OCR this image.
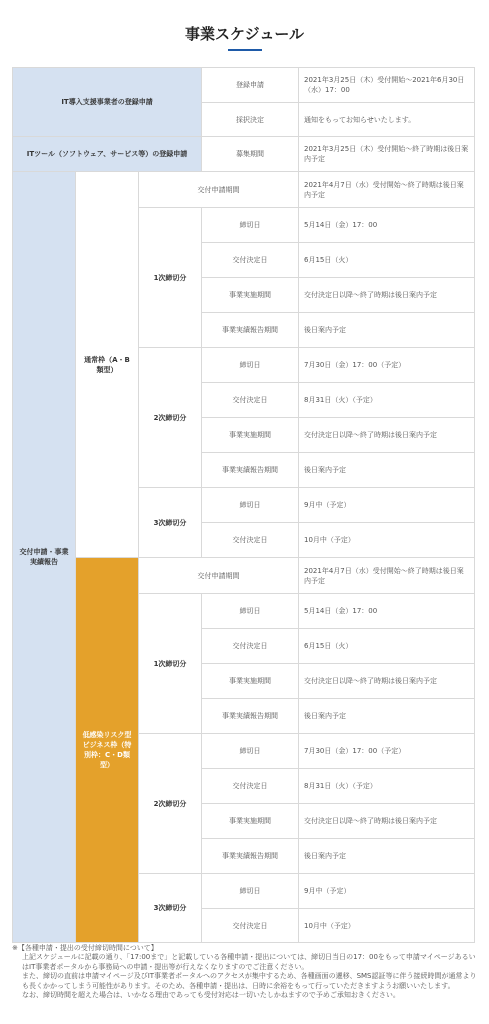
事業スケジュール
IT導入支援事業者の登録申請			登録申請	2021年3月25日（木）受付開始～2021年6月30日（水）17：00
			採択決定	通知をもってお知らせいたします。
ITツール（ソフトウェア、サービス等）の登録申請			募集期間	2021年3月25日（木）受付開始～終了時期は後日案内予定
交付申請・事業実績報告	通常枠（A・B類型）	交付申請期間		2021年4月7日（水）受付開始～終了時期は後日案内予定
		1次締切分	締切日	5月14日（金）17：00
			交付決定日	6月15日（火）
			事業実施期間	交付決定日以降～終了時期は後日案内予定
			事業実績報告期間	後日案内予定
		2次締切分	締切日	7月30日（金）17：00（予定）
			交付決定日	8月31日（火）（予定）
			事業実施期間	交付決定日以降～終了時期は後日案内予定
			事業実績報告期間	後日案内予定
		3次締切分	締切日	9月中（予定）
			交付決定日	10月中（予定）
	低感染リスク型ビジネス枠（特別枠：C・D類型）	交付申請期間		2021年4月7日（水）受付開始～終了時期は後日案内予定
		1次締切分	締切日	5月14日（金）17：00
			交付決定日	6月15日（火）
			事業実施期間	交付決定日以降～終了時期は後日案内予定
			事業実績報告期間	後日案内予定
		2次締切分	締切日	7月30日（金）17：00（予定）
			交付決定日	8月31日（火）（予定）
			事業実施期間	交付決定日以降～終了時期は後日案内予定
			事業実績報告期間	後日案内予定
		3次締切分	締切日	9月中（予定）
			交付決定日	10月中（予定）

※【各種申請・提出の受付締切時間について】

上記スケジュールに記載の通り、「17:00まで」と記載している各種申請・提出については、締切日当日の17：00をもって申請マイページあるいはIT事業者ポータルから事務局への申請・提出等が行えなくなりますのでご注意ください。

また、締切の直前は申請マイページ及びIT事業者ポータルへのアクセスが集中するため、各種画面の遷移、SMS認証等に伴う接続時間が通常よりも長くかかってしまう可能性があります。そのため、各種申請・提出は、日時に余裕をもって行っていただきますようお願いいたします。

なお、締切時間を超えた場合は、いかなる理由であっても受付対応は一切いたしかねますので予めご承知おきください。
